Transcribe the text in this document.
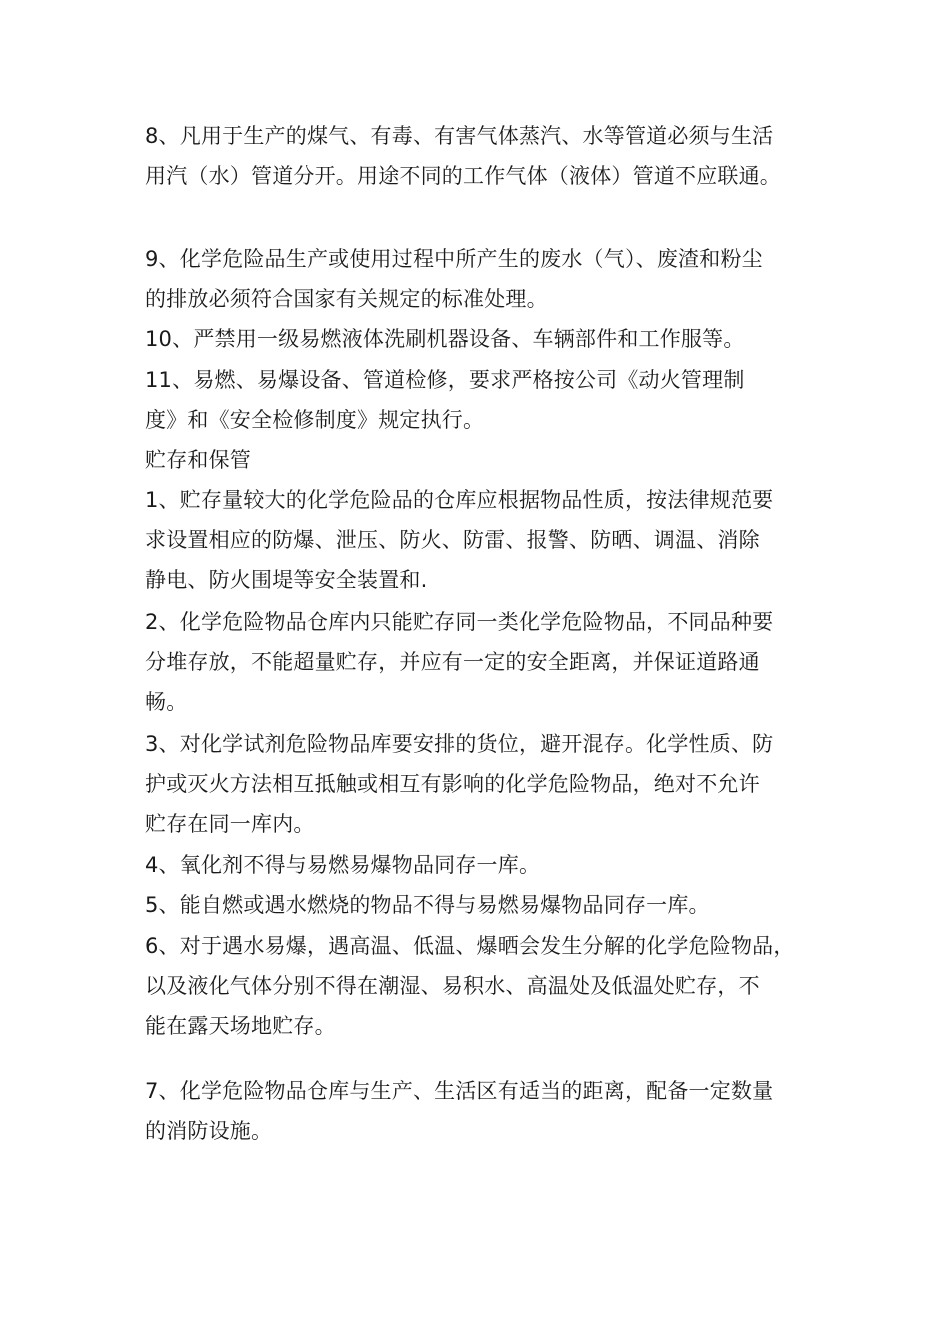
8、凡用于生产的煤气、有毒、有害气体蒸汽、水等管道必须与生活
用汽（水）管道分开。用途不同的工作气体（液体）管道不应联通。
9、化学危险品生产或使用过程中所产生的废水（气）、废渣和粉尘
的排放必须符合国家有关规定的标准处理。
10、严禁用一级易燃液体洗刷机器设备、车辆部件和工作服等。
11、易燃、易爆设备、管道检修，要求严格按公司《动火管理制
度》和《安全检修制度》规定执行。
贮存和保管
1、贮存量较大的化学危险品的仓库应根据物品性质，按法律规范要
求设置相应的防爆、泄压、防火、防雷、报警、防晒、调温、消除
静电、防火围堤等安全装置和.
2、化学危险物品仓库内只能贮存同一类化学危险物品，不同品种要
分堆存放，不能超量贮存，并应有一定的安全距离，并保证道路通
畅。
3、对化学试剂危险物品库要安排的货位，避开混存。化学性质、防
护或灭火方法相互抵触或相互有影响的化学危险物品，绝对不允许
贮存在同一库内。
4、氧化剂不得与易燃易爆物品同存一库。
5、能自燃或遇水燃烧的物品不得与易燃易爆物品同存一库。
6、对于遇水易爆，遇高温、低温、爆晒会发生分解的化学危险物品，
以及液化气体分别不得在潮湿、易积水、高温处及低温处贮存，不
能在露天场地贮存。
7、化学危险物品仓库与生产、生活区有适当的距离，配备一定数量
的消防设施。
